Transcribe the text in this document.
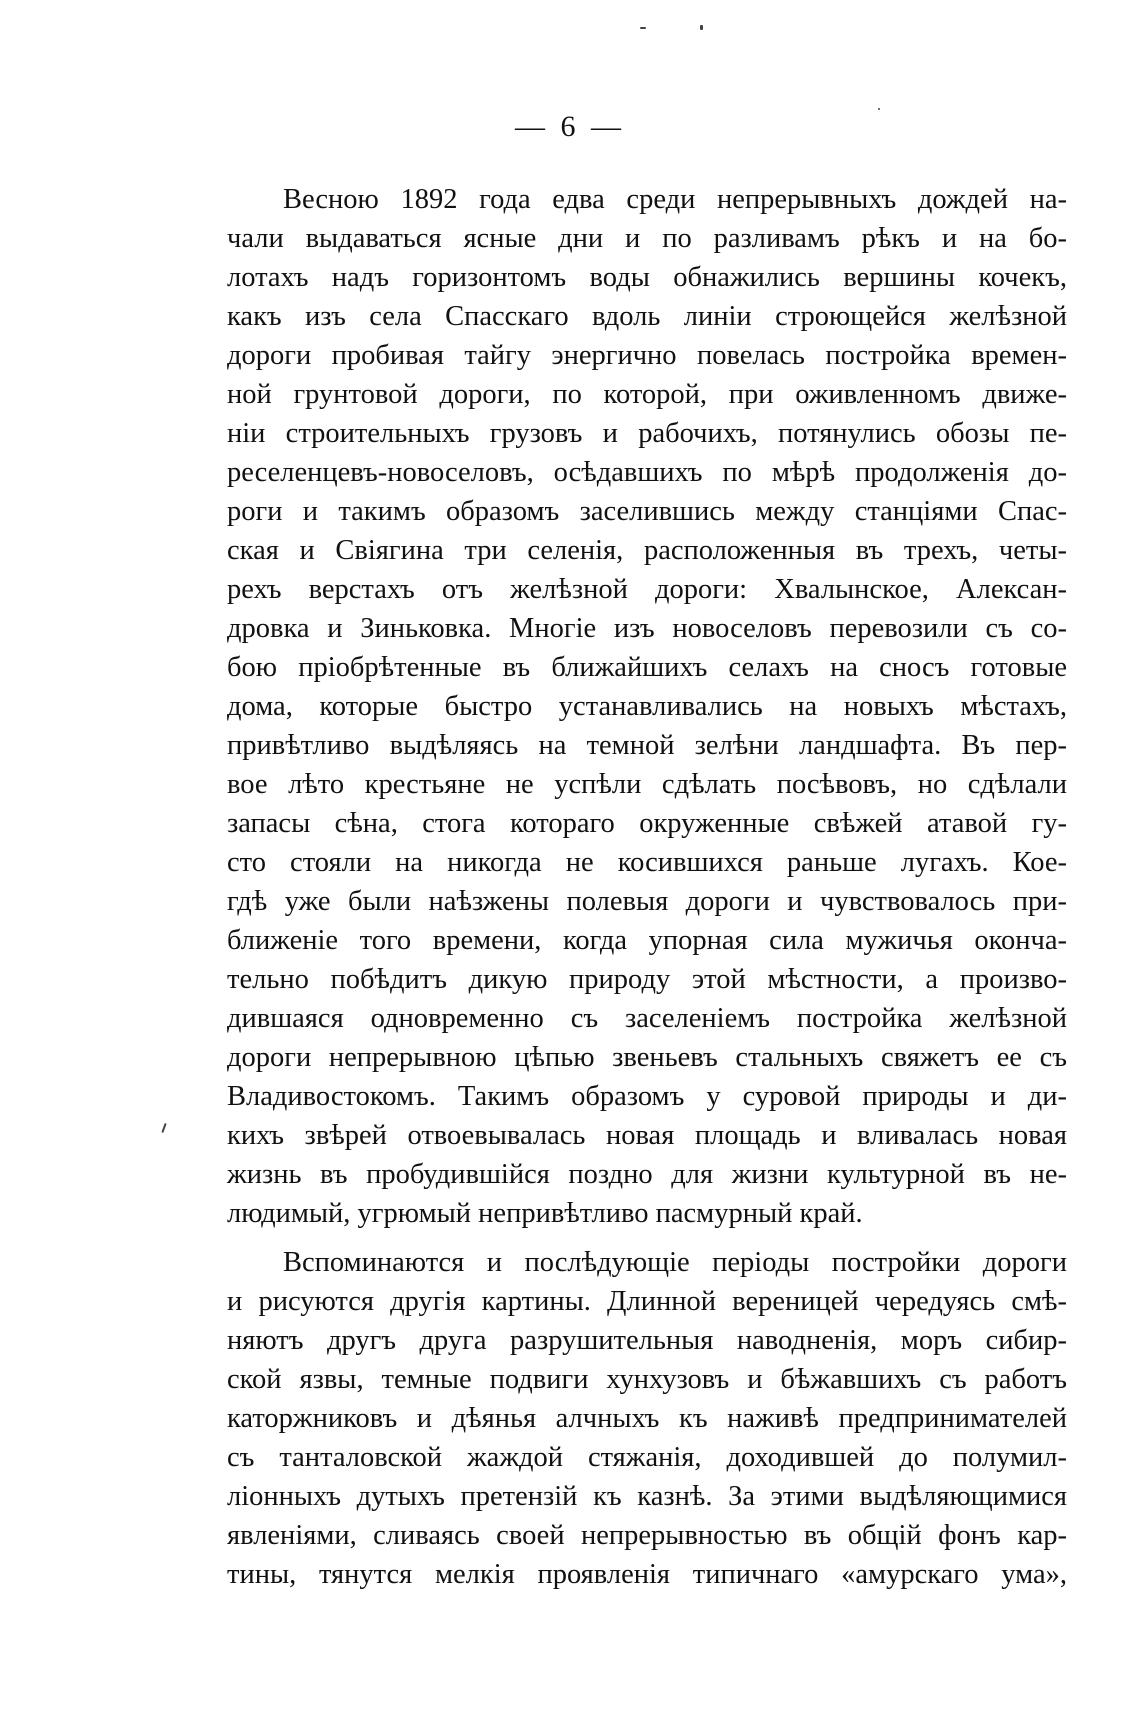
— 6 —
Весною 1892 года едва среди непрерывныхъ дождей на-
чали выдаваться ясные дни и по разливамъ рѣкъ и на бо-
лотахъ надъ горизонтомъ воды обнажились вершины кочекъ,
какъ изъ села Спасскаго вдоль линіи строющейся желѣзной
дороги пробивая тайгу энергично повелась постройка времен-
ной грунтовой дороги, по которой, при оживленномъ движе-
ніи строительныхъ грузовъ и рабочихъ, потянулись обозы пе-
реселенцевъ-новоселовъ, осѣдавшихъ по мѣрѣ продолженія до-
роги и такимъ образомъ заселившись между станціями Спас-
ская и Свіягина три селенія, расположенныя въ трехъ, четы-
рехъ верстахъ отъ желѣзной дороги: Хвалынское, Алексан-
дровка и Зиньковка. Многіе изъ новоселовъ перевозили съ со-
бою пріобрѣтенные въ ближайшихъ селахъ на сносъ готовые
дома, которые быстро устанавливались на новыхъ мѣстахъ,
привѣтливо выдѣляясь на темной зелѣни ландшафта. Въ пер-
вое лѣто крестьяне не успѣли сдѣлать посѣвовъ, но сдѣлали
запасы сѣна, стога котораго окруженные свѣжей атавой гу-
сто стояли на никогда не косившихся раньше лугахъ. Кое-
гдѣ уже были наѣзжены полевыя дороги и чувствовалось при-
ближеніе того времени, когда упорная сила мужичья оконча-
тельно побѣдитъ дикую природу этой мѣстности, а произво-
дившаяся одновременно съ заселеніемъ постройка желѣзной
дороги непрерывною цѣпью звеньевъ стальныхъ свяжетъ ее съ
Владивостокомъ. Такимъ образомъ у суровой природы и ди-
кихъ звѣрей отвоевывалась новая площадь и вливалась новая
жизнь въ пробудившійся поздно для жизни культурной въ не-
людимый, угрюмый непривѣтливо пасмурный край.
Вспоминаются и послѣдующіе періоды постройки дороги
и рисуются другія картины. Длинной вереницей чередуясь смѣ-
няютъ другъ друга разрушительныя наводненія, моръ сибир-
ской язвы, темные подвиги хунхузовъ и бѣжавшихъ съ работъ
каторжниковъ и дѣянья алчныхъ къ наживѣ предпринимателей
съ танталовской жаждой стяжанія, доходившей до полумил-
ліонныхъ дутыхъ претензій къ казнѣ. За этими выдѣляющимися
явленіями, сливаясь своей непрерывностью въ общій фонъ кар-
тины, тянутся мелкія проявленія типичнаго «амурскаго ума»,
